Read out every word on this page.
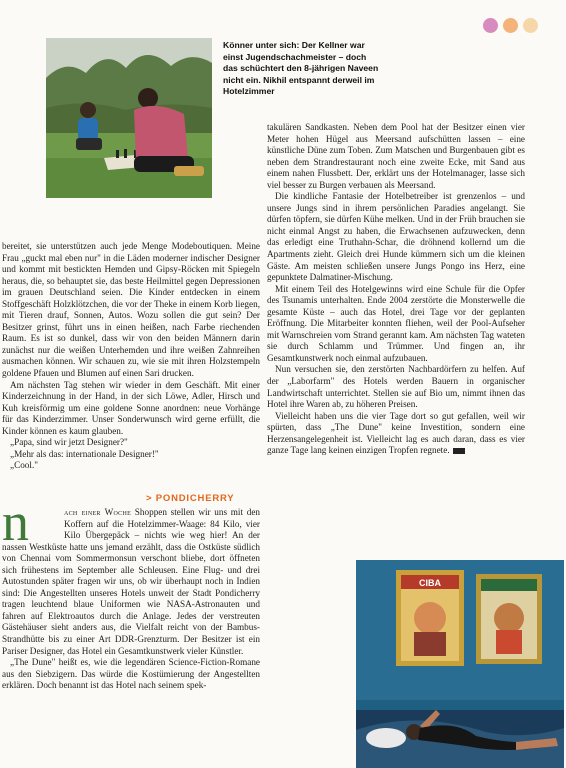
Könner unter sich: Der Kellner war einst Jugendschachmeister – doch das schüchtert den 8-jährigen Naveen nicht ein. Nikhil entspannt derweil im Hotelzimmer

bereitet, sie unterstützen auch jede Menge Modeboutiquen. Meine Frau „guckt mal eben nur" in die Läden moderner indischer Designer und kommt mit bestickten Hemden und Gipsy-Röcken mit Spiegeln heraus, die, so behauptet sie, das beste Heilmittel gegen Depressionen im grauen Deutschland seien. Die Kinder entdecken in einem Stoffgeschäft Holzklötzchen, die vor der Theke in einem Korb liegen, mit Tieren drauf, Sonnen, Autos. Wozu sollen die gut sein? Der Besitzer grinst, führt uns in einen heißen, nach Farbe riechenden Raum. Es ist so dunkel, dass wir von den beiden Männern darin zunächst nur die weißen Unterhemden und ihre weißen Zahnreihen ausmachen können. Wir schauen zu, wie sie mit ihren Holzstempeln goldene Pfauen und Blumen auf einen Sari drucken.

Am nächsten Tag stehen wir wieder in dem Geschäft. Mit einer Kinderzeichnung in der Hand, in der sich Löwe, Adler, Hirsch und Kuh kreisförmig um eine goldene Sonne anordnen: neue Vorhänge für das Kinderzimmer. Unser Sonderwunsch wird gerne erfüllt, die Kinder können es kaum glauben.

„Papa, sind wir jetzt Designer?"

„Mehr als das: internationale Designer!"

„Cool."

> PONDICHERRY

n	ach einer Woche Shoppen stellen wir uns mit den Koffern auf die Hotelzimmer-Waage: 84 Kilo, vier Kilo Übergepäck – nichts wie weg hier! An der nassen Westküste hatte uns jemand erzählt, dass die Ostküste südlich von Chennai vom Sommermonsun verschont bliebe, dort öffneten sich frühestens im September alle Schleusen. Eine Flug- und drei Autostunden später fragen wir uns, ob wir überhaupt noch in Indien sind: Die Angestellten unseres Hotels unweit der Stadt Pondicherry tragen leuchtend blaue Uniformen wie NASA-Astronauten und fahren auf Elektroautos durch die Anlage. Jedes der verstreuten Gästehäuser sieht anders aus, die Vielfalt reicht von der Bambus-Strandhütte bis zu einer Art DDR-Grenzturm. Der Besitzer ist ein Pariser Designer, das Hotel ein Gesamtkunstwerk vieler Künstler.

„The Dune" heißt es, wie die legendären Science-Fiction-Romane aus den Siebzigern. Das würde die Kostümierung der Angestellten erklären. Doch benannt ist das Hotel nach seinem spek-

takulären Sandkasten. Neben dem Pool hat der Besitzer einen vier Meter hohen Hügel aus Meersand aufschütten lassen – eine künstliche Düne zum Toben. Zum Matschen und Burgenbauen gibt es neben dem Strandrestaurant noch eine zweite Ecke, mit Sand aus einem nahen Flussbett. Der, erklärt uns der Hotelmanager, lasse sich viel besser zu Burgen verbauen als Meersand.

Die kindliche Fantasie der Hotelbetreiber ist grenzenlos – und unsere Jungs sind in ihrem persönlichen Paradies angelangt. Sie dürfen töpfern, sie dürfen Kühe melken. Und in der Früh brauchen sie nicht einmal Angst zu haben, die Erwachsenen aufzuwecken, denn das erledigt eine Truthahn-Schar, die dröhnend kollernd um die Apartments zieht. Gleich drei Hunde kümmern sich um die kleinen Gäste. Am meisten schließen unsere Jungs Pongo ins Herz, eine gepunktete Dalmatiner-Mischung.

Mit einem Teil des Hotelgewinns wird eine Schule für die Opfer des Tsunamis unterhalten. Ende 2004 zerstörte die Monsterwelle die gesamte Küste – auch das Hotel, drei Tage vor der geplanten Eröffnung. Die Mitarbeiter konnten fliehen, weil der Pool-Aufseher mit Warnschreien vom Strand gerannt kam. Am nächsten Tag wateten sie durch Schlamm und Trümmer. Und fingen an, ihr Gesamtkunstwerk noch einmal aufzubauen.

Nun versuchen sie, den zerstörten Nachbardörfern zu helfen. Auf der „Laborfarm" des Hotels werden Bauern in organischer Landwirtschaft unterrichtet. Stellen sie auf Bio um, nimmt ihnen das Hotel ihre Waren ab, zu höheren Preisen.

Vielleicht haben uns die vier Tage dort so gut gefallen, weil wir spürten, dass „The Dune" keine Investition, sondern eine Herzensangelegenheit ist. Vielleicht lag es auch daran, dass es vier ganze Tage lang keinen einzigen Tropfen regnete.

CIBA
